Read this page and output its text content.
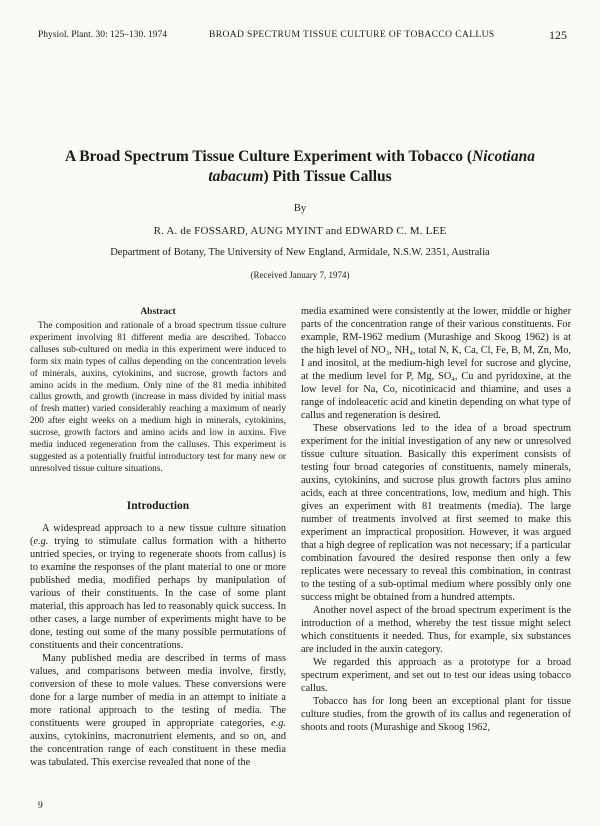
Physiol. Plant. 30: 125–130. 1974	BROAD SPECTRUM TISSUE CULTURE OF TOBACCO CALLUS	125
A Broad Spectrum Tissue Culture Experiment with Tobacco (Nicotiana
tabacum) Pith Tissue Callus
By
R. A. de FOSSARD, AUNG MYINT and EDWARD C. M. LEE
Department of Botany, The University of New England, Armidale, N.S.W. 2351, Australia
(Received January 7, 1974)
Abstract

The composition and rationale of a broad spectrum tissue culture experiment involving 81 different media are described. Tobacco calluses sub-cultured on media in this experiment were induced to form six main types of callus depending on the concentration levels of minerals, auxins, cytokinins, and sucrose, growth factors and amino acids in the medium. Only nine of the 81 media inhibited callus growth, and growth (increase in mass divided by initial mass of fresh matter) varied considerably reaching a maximum of nearly 200 after eight weeks on a medium high in minerals, cytokinins, sucrose, growth factors and amino acids and low in auxins. Five media induced regeneration from the calluses. This experiment is suggested as a potentially fruitful introductory test for many new or unresolved tissue culture situations.

Introduction

A widespread approach to a new tissue culture situation (e.g. trying to stimulate callus formation with a hitherto untried species, or trying to regenerate shoots from callus) is to examine the responses of the plant material to one or more published media, modified perhaps by manipulation of various of their constituents. In the case of some plant material, this approach has led to reasonably quick success. In other cases, a large number of experiments might have to be done, testing out some of the many possible permutations of constituents and their concentrations.

Many published media are described in terms of mass values, and comparisons between media involve, firstly, conversion of these to mole values. These conversions were done for a large number of media in an attempt to initiate a more rational approach to the testing of media. The constituents were grouped in appropriate categories, e.g. auxins, cytokinins, macronutrient elements, and so on, and the concentration range of each constituent in these media was tabulated. This exercise revealed that none of the

9

media examined were consistently at the lower, middle or higher parts of the concentration range of their various constituents. For example, RM-1962 medium (Murashige and Skoog 1962) is at the high level of NO₃, NH₄, total N, K, Ca, Cl, Fe, B, M, Zn, Mo, I and inositol, at the medium-high level for sucrose and glycine, at the medium level for P, Mg, SO₄, Cu and pyridoxine, at the low level for Na, Co, nicotinicacid and thiamine, and uses a range of indoleacetic acid and kinetin depending on what type of callus and regeneration is desired.

These observations led to the idea of a broad spectrum experiment for the initial investigation of any new or unresolved tissue culture situation. Basically this experiment consists of testing four broad categories of constituents, namely minerals, auxins, cytokinins, and sucrose plus growth factors plus amino acids, each at three concentrations, low, medium and high. This gives an experiment with 81 treatments (media). The large number of treatments involved at first seemed to make this experiment an impractical proposition. However, it was argued that a high degree of replication was not necessary; if a particular combination favoured the desired response then only a few replicates were necessary to reveal this combination, in contrast to the testing of a sub-optimal medium where possibly only one success might be obtained from a hundred attempts.

Another novel aspect of the broad spectrum experiment is the introduction of a method, whereby the test tissue might select which constituents it needed. Thus, for example, six substances are included in the auxin category.

We regarded this approach as a prototype for a broad spectrum experiment, and set out to test our ideas using tobacco callus.

Tobacco has for long been an exceptional plant for tissue culture studies, from the growth of its callus and regeneration of shoots and roots (Murashige and Skoog 1962,
